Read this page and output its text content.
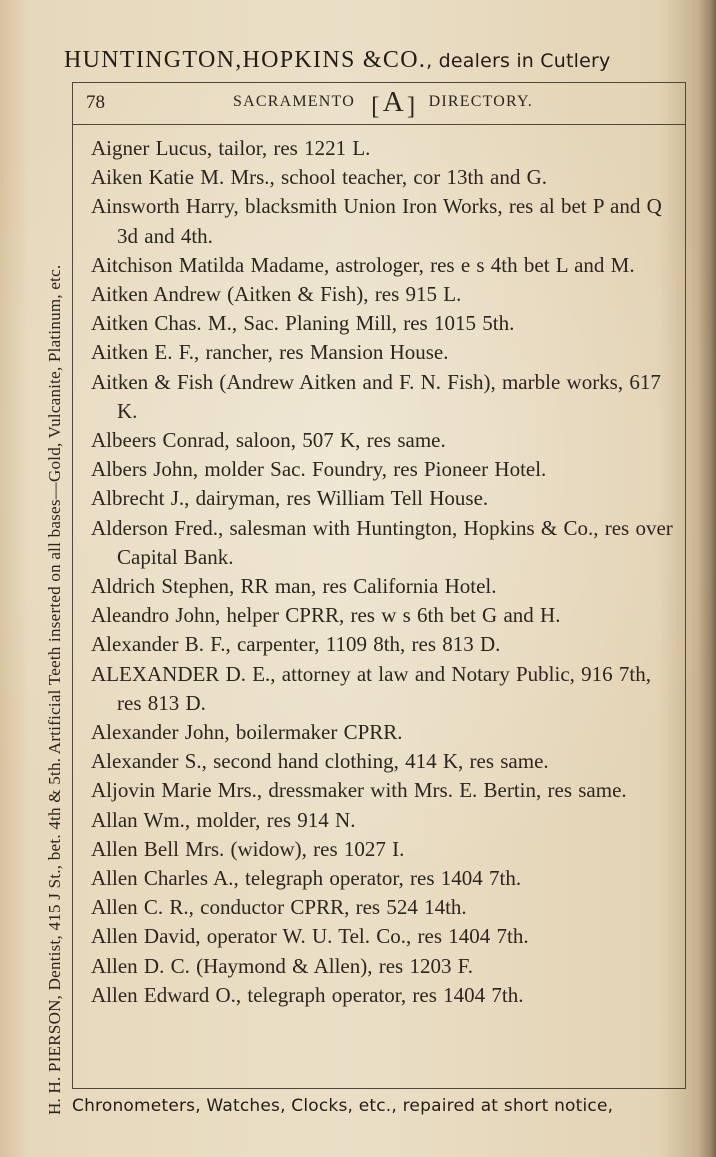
HUNTINGTON,HOPKINS &CO., dealers in Cutlery
H. H. PIERSON, Dentist, 415 J St., bet. 4th & 5th. Artificial Teeth inserted on all bases—Gold, Vulcanite, Platinum, etc.
78	SACRAMENTO [A] DIRECTORY.
Aigner Lucus, tailor, res 1221 L.
Aiken Katie M. Mrs., school teacher, cor 13th and G.
Ainsworth Harry, blacksmith Union Iron Works, res al bet P and Q 3d and 4th.
Aitchison Matilda Madame, astrologer, res e s 4th bet L and M.
Aitken Andrew (Aitken & Fish), res 915 L.
Aitken Chas. M., Sac. Planing Mill, res 1015 5th.
Aitken E. F., rancher, res Mansion House.
Aitken & Fish (Andrew Aitken and F. N. Fish), marble works, 617 K.
Albeers Conrad, saloon, 507 K, res same.
Albers John, molder Sac. Foundry, res Pioneer Hotel.
Albrecht J., dairyman, res William Tell House.
Alderson Fred., salesman with Huntington, Hopkins & Co., res over Capital Bank.
Aldrich Stephen, RR man, res California Hotel.
Aleandro John, helper CPRR, res w s 6th bet G and H.
Alexander B. F., carpenter, 1109 8th, res 813 D.
ALEXANDER D. E., attorney at law and Notary Public, 916 7th, res 813 D.
Alexander John, boilermaker CPRR.
Alexander S., second hand clothing, 414 K, res same.
Aljovin Marie Mrs., dressmaker with Mrs. E. Bertin, res same.
Allan Wm., molder, res 914 N.
Allen Bell Mrs. (widow), res 1027 I.
Allen Charles A., telegraph operator, res 1404 7th.
Allen C. R., conductor CPRR, res 524 14th.
Allen David, operator W. U. Tel. Co., res 1404 7th.
Allen D. C. (Haymond & Allen), res 1203 F.
Allen Edward O., telegraph operator, res 1404 7th.
Chronometers, Watches, Clocks, etc., repaired at short notice,
